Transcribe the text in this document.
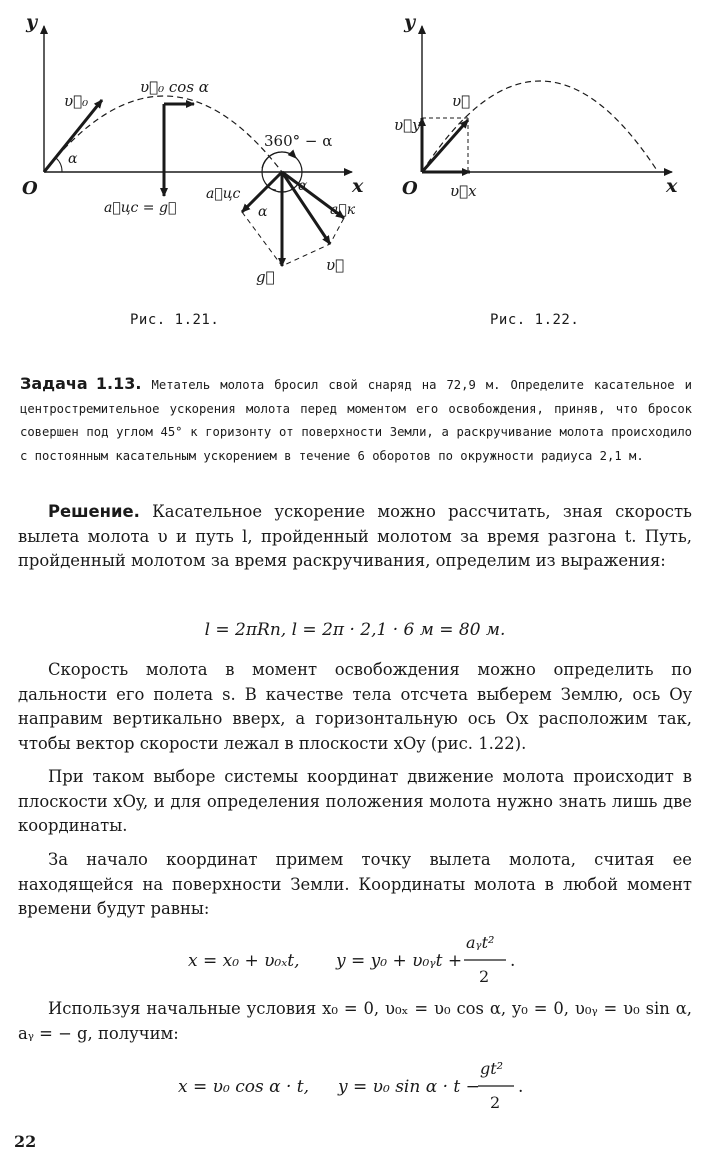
y
x
O
υ⃗₀
υ⃗₀ cos α
α
360° − α
a⃗цс = g⃗
a⃗цс	α
α	a⃗к
g⃗
υ⃗
Рис. 1.21.
y
x
O
υ⃗
υ⃗y
υ⃗x
Рис. 1.22.
Задача 1.13. Метатель молота бросил свой снаряд на 72,9 м. Определите касательное и центростремительное ускорения молота перед моментом его освобождения, приняв, что бросок совершен под углом 45° к горизонту от поверхности Земли, а раскручивание молота происходило с постоянным касательным ускорением в течение 6 оборотов по окружности радиуса 2,1 м.
Решение. Касательное ускорение можно рассчитать, зная скорость вылета молота υ и путь l, пройденный молотом за время разгона t. Путь, пройденный молотом за время раскручивания, определим из выражения:
l = 2πRn, l = 2π · 2,1 · 6 м = 80 м.
Скорость молота в момент освобождения можно определить по дальности его полета s. В качестве тела отсчета выберем Землю, ось Oy направим вертикально вверх, а горизонтальную ось Ox расположим так, чтобы вектор скорости лежал в плоскости xOy (рис. 1.22).
При таком выборе системы координат движение молота происходит в плоскости xOy, и для определения положения молота нужно знать лишь две координаты.
За начало координат примем точку вылета молота, считая ее находящейся на поверхности Земли. Координаты молота в любой момент времени будут равны:
x = x₀ + υ₀ₓt, y = y₀ + υ₀ᵧt +
aᵧt²
2
.
Используя начальные условия x₀ = 0, υ₀ₓ = υ₀ cos α, y₀ = 0, υ₀ᵧ = υ₀ sin α, aᵧ = − g, получим:
x = υ₀ cos α · t, y = υ₀ sin α · t −
gt²
2
.
22
